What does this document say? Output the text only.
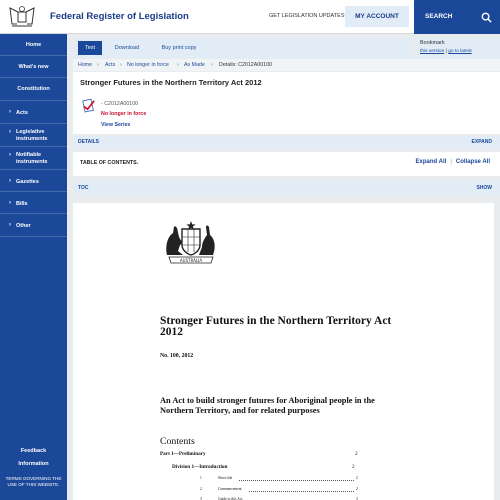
Federal Register of Legislation	GET LEGISLATION UPDATES	MY ACCOUNT	SEARCH
Home
What's new
Constitution
› Acts
› Legislative instruments
› Notifiable instruments
› Gazettes
› Bills
› Other
Feedback
Information
TERMS GOVERNING THE USE OF THIS WEBSITE.
Text	Download	Buy print copy
Bookmark
this version | go to latest
Home › Acts › No longer in force › As Made › Details: C2012A00100
Stronger Futures in the Northern Territory Act 2012
- C2012A00100
No longer in force
View Series
DETAILS	EXPAND
TABLE OF CONTENTS.	Expand All | Collapse All
TOC	SHOW
AUSTRALIA
Stronger Futures in the Northern Territory Act 2012
No. 100, 2012
An Act to build stronger futures for Aboriginal people in the Northern Territory, and for related purposes
Contents
Part 1—Preliminary	2
Division 1—Introduction	2
1	Short title	2
2	Commencement	2
3	Guide to this Act	3
